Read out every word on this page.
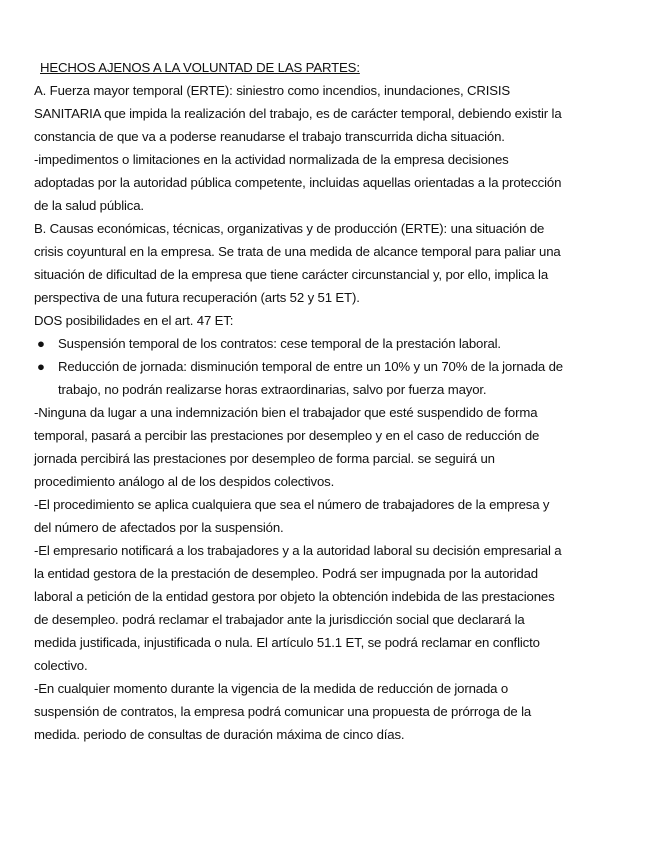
HECHOS AJENOS A LA VOLUNTAD DE LAS PARTES:
A. Fuerza mayor temporal (ERTE): siniestro como incendios, inundaciones, CRISIS
SANITARIA que impida la realización del trabajo, es de carácter temporal, debiendo existir la
constancia de que va a poderse reanudarse el trabajo transcurrida dicha situación.
-impedimentos o limitaciones en la actividad normalizada de la empresa decisiones
adoptadas por la autoridad pública competente, incluidas aquellas orientadas a la protección
de la salud pública.
B. Causas económicas, técnicas, organizativas y de producción (ERTE): una situación de
crisis coyuntural en la empresa. Se trata de una medida de alcance temporal para paliar una
situación de dificultad de la empresa que tiene carácter circunstancial y, por ello, implica la
perspectiva de una futura recuperación (arts 52 y 51 ET).
DOS posibilidades en el art. 47 ET:
● Suspensión temporal de los contratos: cese temporal de la prestación laboral.
● Reducción de jornada: disminución temporal de entre un 10% y un 70% de la jornada de
trabajo, no podrán realizarse horas extraordinarias, salvo por fuerza mayor.
-Ninguna da lugar a una indemnización bien el trabajador que esté suspendido de forma
temporal, pasará a percibir las prestaciones por desempleo y en el caso de reducción de
jornada percibirá las prestaciones por desempleo de forma parcial. se seguirá un
procedimiento análogo al de los despidos colectivos.
-El procedimiento se aplica cualquiera que sea el número de trabajadores de la empresa y
del número de afectados por la suspensión.
-El empresario notificará a los trabajadores y a la autoridad laboral su decisión empresarial a
la entidad gestora de la prestación de desempleo. Podrá ser impugnada por la autoridad
laboral a petición de la entidad gestora por objeto la obtención indebida de las prestaciones
de desempleo. podrá reclamar el trabajador ante la jurisdicción social que declarará la
medida justificada, injustificada o nula. El artículo 51.1 ET, se podrá reclamar en conflicto
colectivo.
-En cualquier momento durante la vigencia de la medida de reducción de jornada o
suspensión de contratos, la empresa podrá comunicar una propuesta de prórroga de la
medida. periodo de consultas de duración máxima de cinco días.
